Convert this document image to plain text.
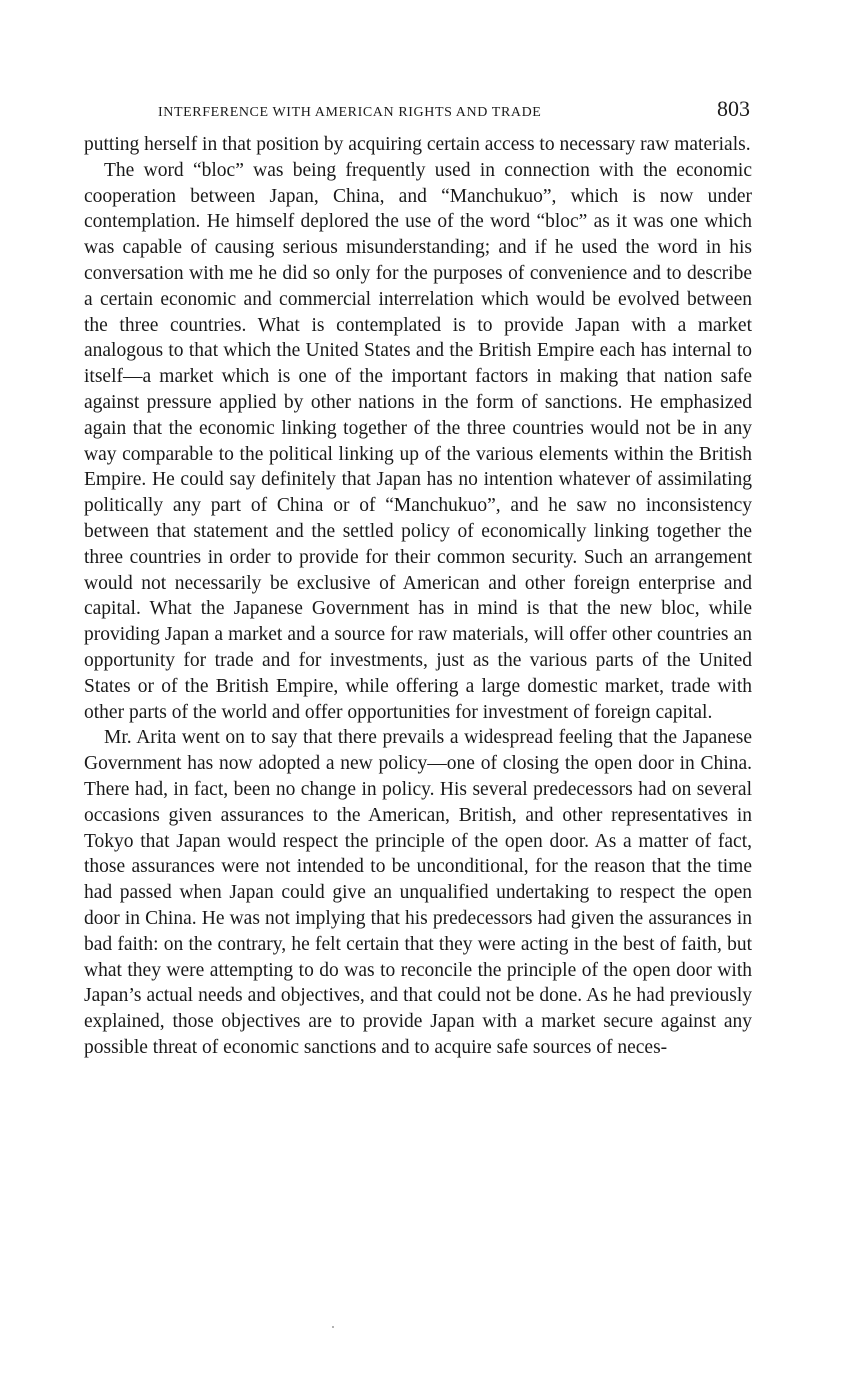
INTERFERENCE WITH AMERICAN RIGHTS AND TRADE	803

putting herself in that position by acquiring certain access to necessary raw materials.

The word “bloc” was being frequently used in connection with the economic cooperation between Japan, China, and “Manchukuo”, which is now under contemplation. He himself deplored the use of the word “bloc” as it was one which was capable of causing serious misunderstanding; and if he used the word in his conversation with me he did so only for the purposes of convenience and to describe a certain economic and commercial interrelation which would be evolved between the three countries. What is contemplated is to provide Japan with a market analogous to that which the United States and the British Empire each has internal to itself—a market which is one of the important factors in making that nation safe against pressure applied by other nations in the form of sanctions. He emphasized again that the economic linking together of the three countries would not be in any way comparable to the political linking up of the various elements within the British Empire. He could say definitely that Japan has no intention whatever of assimilating politically any part of China or of “Manchukuo”, and he saw no inconsistency between that statement and the settled policy of economically linking together the three countries in order to provide for their common security. Such an arrangement would not necessarily be exclusive of American and other foreign enterprise and capital. What the Japanese Government has in mind is that the new bloc, while providing Japan a market and a source for raw materials, will offer other countries an opportunity for trade and for investments, just as the various parts of the United States or of the British Empire, while offering a large domestic market, trade with other parts of the world and offer opportunities for investment of foreign capital.

Mr. Arita went on to say that there prevails a widespread feeling that the Japanese Government has now adopted a new policy—one of closing the open door in China. There had, in fact, been no change in policy. His several predecessors had on several occasions given assurances to the American, British, and other representatives in Tokyo that Japan would respect the principle of the open door. As a matter of fact, those assurances were not intended to be unconditional, for the reason that the time had passed when Japan could give an unqualified undertaking to respect the open door in China. He was not implying that his predecessors had given the assurances in bad faith: on the contrary, he felt certain that they were acting in the best of faith, but what they were attempting to do was to reconcile the principle of the open door with Japan’s actual needs and objectives, and that could not be done. As he had previously explained, those objectives are to provide Japan with a market secure against any possible threat of economic sanctions and to acquire safe sources of neces-
